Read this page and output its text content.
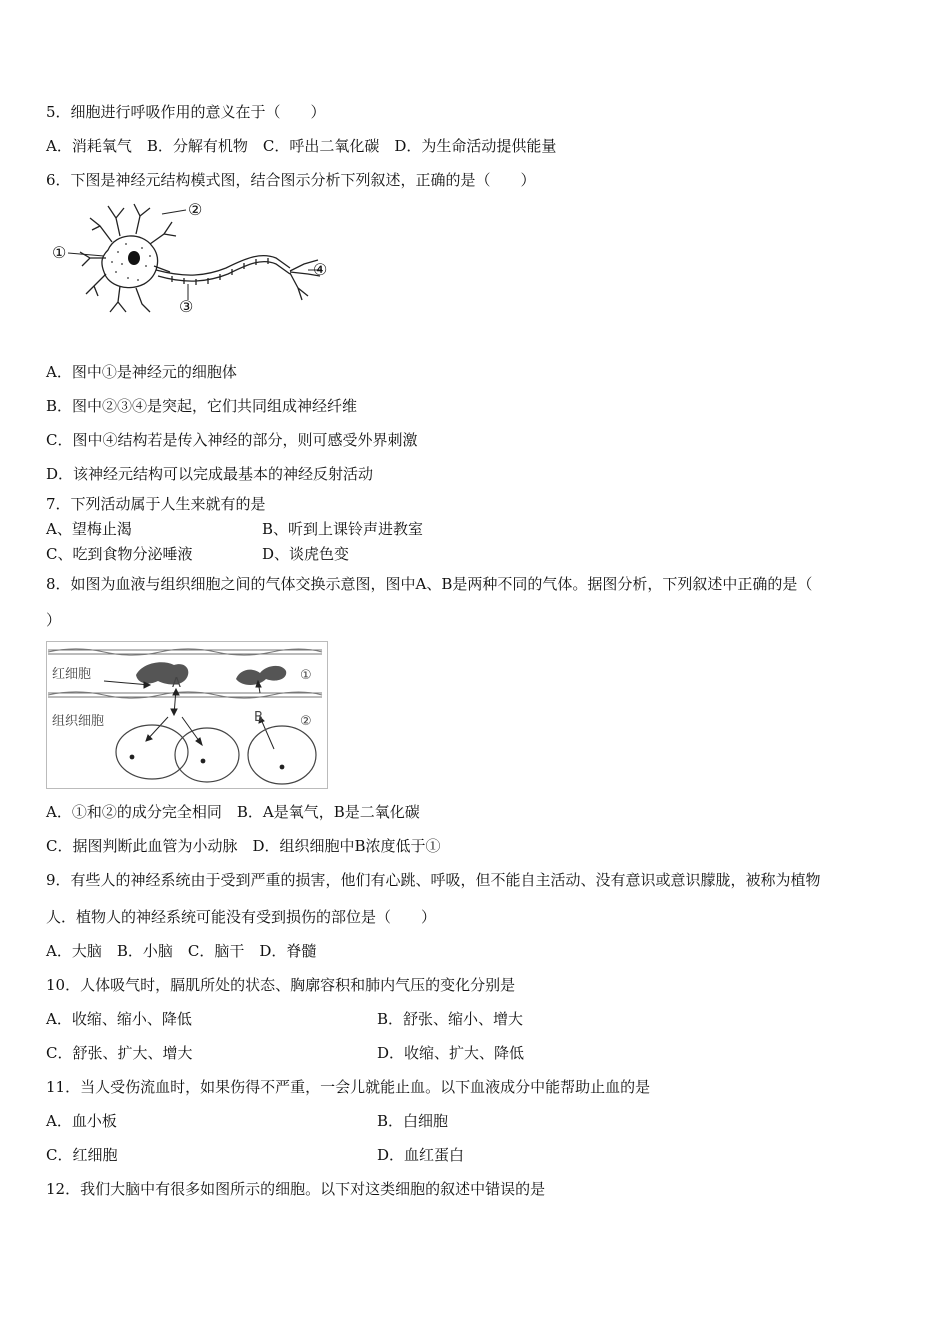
5．细胞进行呼吸作用的意义在于（　　）
A．消耗氧气　B．分解有机物　C．呼出二氧化碳　D．为生命活动提供能量
6．下图是神经元结构模式图，结合图示分析下列叙述，正确的是（　　）
①
②
③
④
A．图中①是神经元的细胞体
B．图中②③④是突起，它们共同组成神经纤维
C．图中④结构若是传入神经的部分，则可感受外界刺激
D．该神经元结构可以完成最基本的神经反射活动
7．下列活动属于人生来就有的是
A、望梅止渴	B、听到上课铃声进教室
C、吃到食物分泌唾液	D、谈虎色变
8．如图为血液与组织细胞之间的气体交换示意图，图中A、B是两种不同的气体。据图分析，下列叙述中正确的是（
）
红细胞
组织细胞
A
B
①
②
A．①和②的成分完全相同　B．A是氧气，B是二氧化碳
C．据图判断此血管为小动脉　D．组织细胞中B浓度低于①
9．有些人的神经系统由于受到严重的损害，他们有心跳、呼吸，但不能自主活动、没有意识或意识朦胧，被称为植物
人．植物人的神经系统可能没有受到损伤的部位是（　　）
A．大脑　B．小脑　C．脑干　D．脊髓
10．人体吸气时，膈肌所处的状态、胸廓容积和肺内气压的变化分别是
A．收缩、缩小、降低	B．舒张、缩小、增大
C．舒张、扩大、增大	D．收缩、扩大、降低
11．当人受伤流血时，如果伤得不严重，一会儿就能止血。以下血液成分中能帮助止血的是
A．血小板	B．白细胞
C．红细胞	D．血红蛋白
12．我们大脑中有很多如图所示的细胞。以下对这类细胞的叙述中错误的是
